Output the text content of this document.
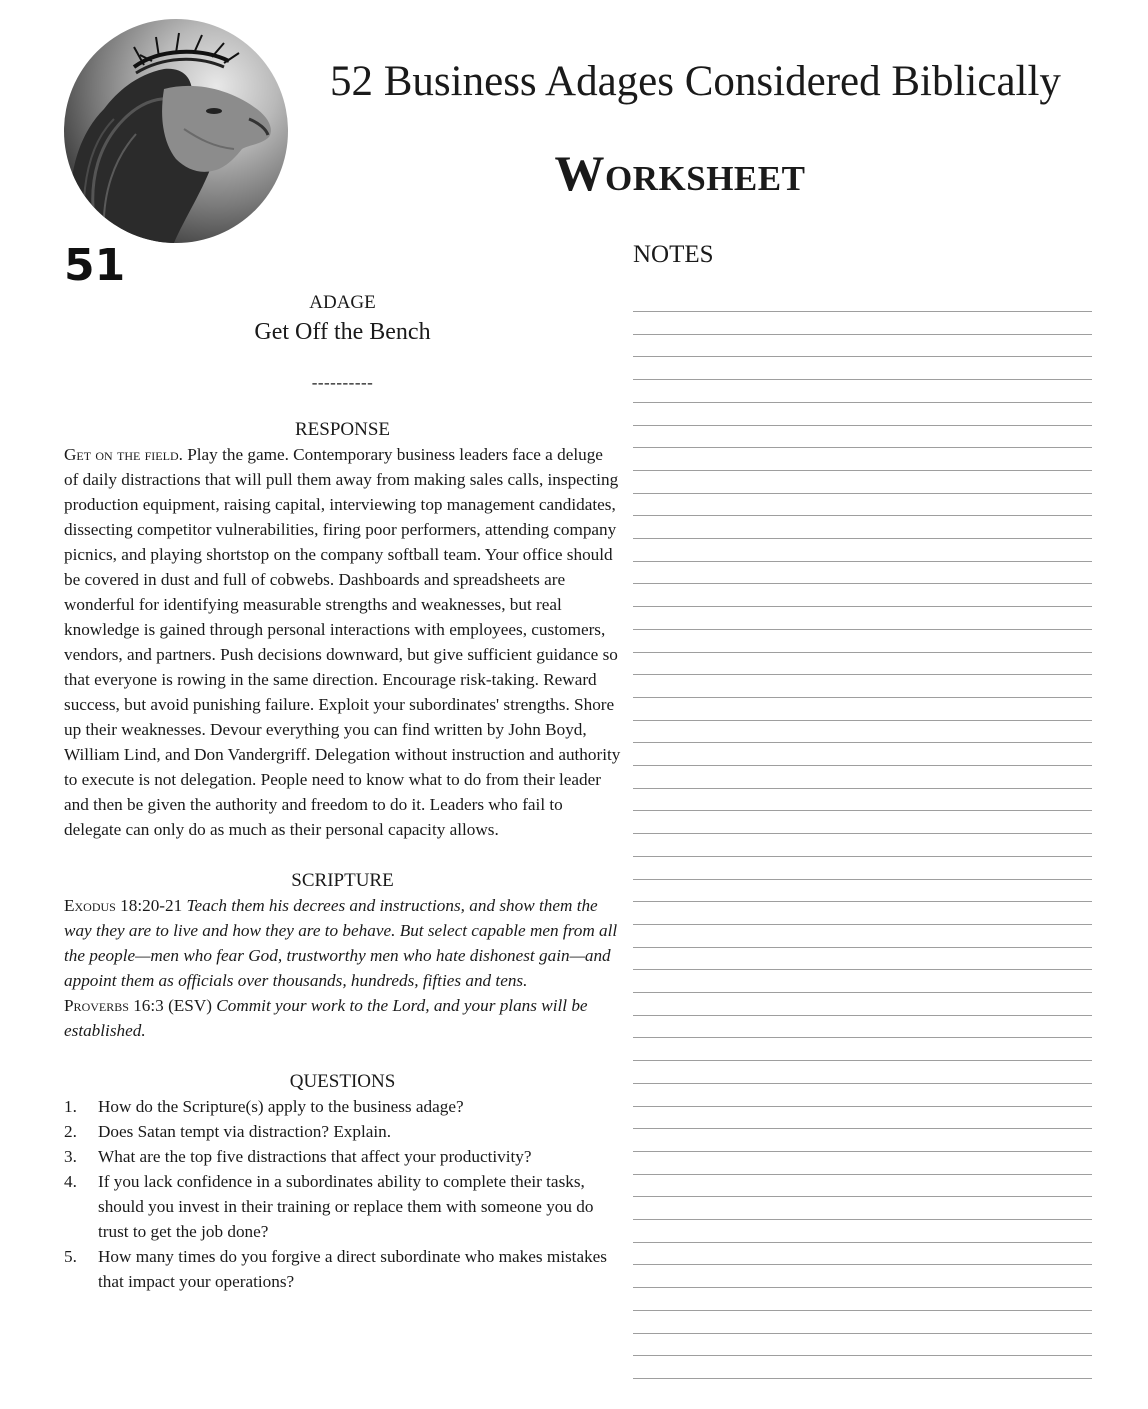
52 Business Adages Considered Biblically
Worksheet
51	NOTES
ADAGE
Get Off the Bench
----------
RESPONSE

Get on the field. Play the game. Contemporary business leaders face a deluge of daily distractions that will pull them away from making sales calls, inspecting production equipment, raising capital, interviewing top management candidates, dissecting competitor vulnerabilities, firing poor performers, attending company picnics, and playing shortstop on the company softball team. Your office should be covered in dust and full of cobwebs. Dashboards and spreadsheets are wonderful for identifying measurable strengths and weaknesses, but real knowledge is gained through personal interactions with employees, customers, vendors, and partners. Push decisions downward, but give sufficient guidance so that everyone is rowing in the same direction. Encourage risk-taking. Reward success, but avoid punishing failure. Exploit your subordinates' strengths. Shore up their weaknesses. Devour everything you can find written by John Boyd, William Lind, and Don Vandergriff. Delegation without instruction and authority to execute is not delegation. People need to know what to do from their leader and then be given the authority and freedom to do it. Leaders who fail to delegate can only do as much as their personal capacity allows.

SCRIPTURE

Exodus 18:20-21 Teach them his decrees and instructions, and show them the way they are to live and how they are to behave. But select capable men from all the people—men who fear God, trustworthy men who hate dishonest gain—and appoint them as officials over thousands, hundreds, fifties and tens.

Proverbs 16:3 (ESV) Commit your work to the Lord, and your plans will be established.

QUESTIONS
1.	How do the Scripture(s) apply to the business adage?
2.	Does Satan tempt via distraction? Explain.
3.	What are the top five distractions that affect your productivity?
4.	If you lack confidence in a subordinates ability to complete their tasks, should you invest in their training or replace them with someone you do trust to get the job done?
5.	How many times do you forgive a direct subordinate who makes mistakes that impact your operations?
